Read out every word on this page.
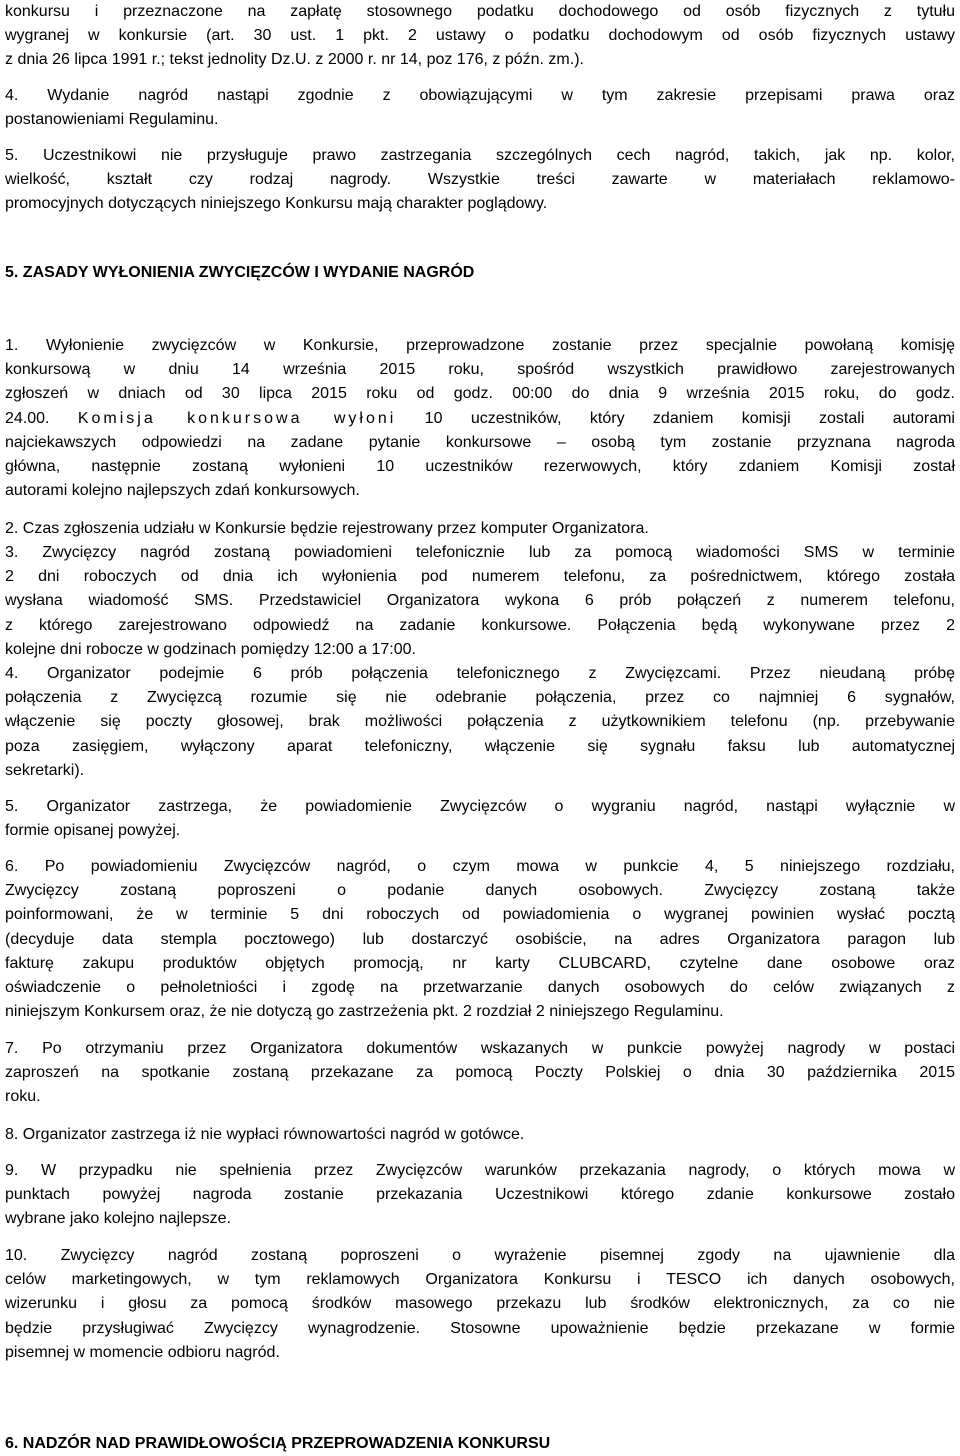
konkursu i przeznaczone na zapłatę stosownego podatku dochodowego od osób fizycznych z tytułu
wygranej w konkursie (art. 30 ust. 1 pkt. 2 ustawy o podatku dochodowym od osób fizycznych ustawy
z dnia 26 lipca 1991 r.; tekst jednolity Dz.U. z 2000 r. nr 14, poz 176, z późn. zm.).
4. Wydanie nagród nastąpi zgodnie z obowiązującymi w tym zakresie przepisami prawa oraz
postanowieniami Regulaminu.
5. Uczestnikowi nie przysługuje prawo zastrzegania szczególnych cech nagród, takich, jak np. kolor,
wielkość, kształt czy rodzaj nagrody. Wszystkie treści zawarte w materiałach reklamowo-
promocyjnych dotyczących niniejszego Konkursu mają charakter poglądowy.
5. ZASADY WYŁONIENIA ZWYCIĘZCÓW I WYDANIE NAGRÓD
1. Wyłonienie zwycięzców w Konkursie, przeprowadzone zostanie przez specjalnie powołaną komisję
konkursową w dniu 14 września 2015 roku, spośród wszystkich prawidłowo zarejestrowanych
zgłoszeń w dniach od 30 lipca 2015 roku od godz. 00:00 do dnia 9 września 2015 roku, do godz.
24.00. Komisja konkursowa wyłoni 10 uczestników, który zdaniem komisji zostali autorami
najciekawszych odpowiedzi na zadane pytanie konkursowe – osobą tym zostanie przyznana nagroda
główna, następnie zostaną wyłonieni 10 uczestników rezerwowych, który zdaniem Komisji został
autorami kolejno najlepszych zdań konkursowych.
2. Czas zgłoszenia udziału w Konkursie będzie rejestrowany przez komputer Organizatora.
3. Zwycięzcy nagród zostaną powiadomieni telefonicznie lub za pomocą wiadomości SMS w terminie
2 dni roboczych od dnia ich wyłonienia pod numerem telefonu, za pośrednictwem, którego została
wysłana wiadomość SMS. Przedstawiciel Organizatora wykona 6 prób połączeń z numerem telefonu,
z którego zarejestrowano odpowiedź na zadanie konkursowe. Połączenia będą wykonywane przez 2
kolejne dni robocze w godzinach pomiędzy 12:00 a 17:00.
4. Organizator podejmie 6 prób połączenia telefonicznego z Zwycięzcami. Przez nieudaną próbę
połączenia z Zwycięzcą rozumie się nie odebranie połączenia, przez co najmniej 6 sygnałów,
włączenie się poczty głosowej, brak możliwości połączenia z użytkownikiem telefonu (np. przebywanie
poza zasięgiem, wyłączony aparat telefoniczny, włączenie się sygnału faksu lub automatycznej
sekretarki).
5. Organizator zastrzega, że powiadomienie Zwycięzców o wygraniu nagród, nastąpi wyłącznie w
formie opisanej powyżej.
6. Po powiadomieniu Zwycięzców nagród, o czym mowa w punkcie 4, 5 niniejszego rozdziału,
Zwycięzcy zostaną poproszeni o podanie danych osobowych. Zwycięzcy zostaną także
poinformowani, że w terminie 5 dni roboczych od powiadomienia o wygranej powinien wysłać pocztą
(decyduje data stempla pocztowego) lub dostarczyć osobiście, na adres Organizatora paragon lub
fakturę zakupu produktów objętych promocją, nr karty CLUBCARD, czytelne dane osobowe oraz
oświadczenie o pełnoletniości i zgodę na przetwarzanie danych osobowych do celów związanych z
niniejszym Konkursem oraz, że nie dotyczą go zastrzeżenia pkt. 2 rozdział 2 niniejszego Regulaminu.
7. Po otrzymaniu przez Organizatora dokumentów wskazanych w punkcie powyżej nagrody w postaci
zaproszeń na spotkanie zostaną przekazane za pomocą Poczty Polskiej o dnia 30 października 2015
roku.
8. Organizator zastrzega iż nie wypłaci równowartości nagród w gotówce.
9. W przypadku nie spełnienia przez Zwycięzców warunków przekazania nagrody, o których mowa w
punktach powyżej nagroda zostanie przekazania Uczestnikowi którego zdanie konkursowe zostało
wybrane jako kolejno najlepsze.
10. Zwycięzcy nagród zostaną poproszeni o wyrażenie pisemnej zgody na ujawnienie dla
celów marketingowych, w tym reklamowych Organizatora Konkursu i TESCO ich danych osobowych,
wizerunku i głosu za pomocą środków masowego przekazu lub środków elektronicznych, za co nie
będzie przysługiwać Zwycięzcy wynagrodzenie. Stosowne upoważnienie będzie przekazane w formie
pisemnej w momencie odbioru nagród.
6. NADZÓR NAD PRAWIDŁOWOŚCIĄ PRZEPROWADZENIA KONKURSU
